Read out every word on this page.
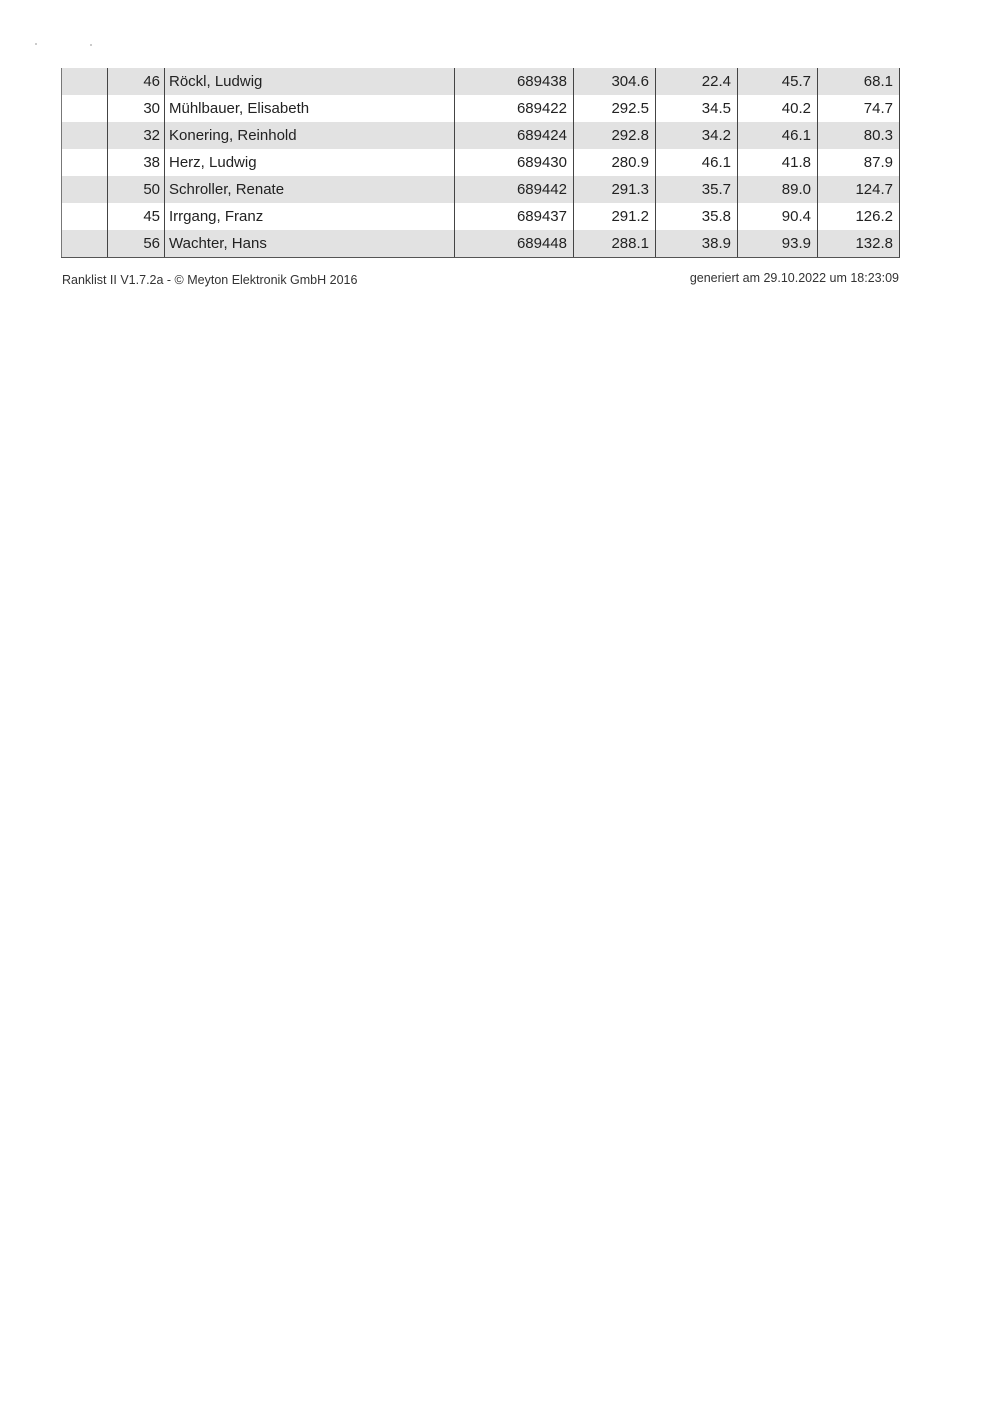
	46	Röckl, Ludwig	689438	304.6	22.4	45.7	68.1
	30	Mühlbauer, Elisabeth	689422	292.5	34.5	40.2	74.7
	32	Konering, Reinhold	689424	292.8	34.2	46.1	80.3
	38	Herz, Ludwig	689430	280.9	46.1	41.8	87.9
	50	Schroller, Renate	689442	291.3	35.7	89.0	124.7
	45	Irrgang, Franz	689437	291.2	35.8	90.4	126.2
	56	Wachter, Hans	689448	288.1	38.9	93.9	132.8
Ranklist II V1.7.2a - © Meyton Elektronik GmbH 2016	generiert am 29.10.2022 um 18:23:09
